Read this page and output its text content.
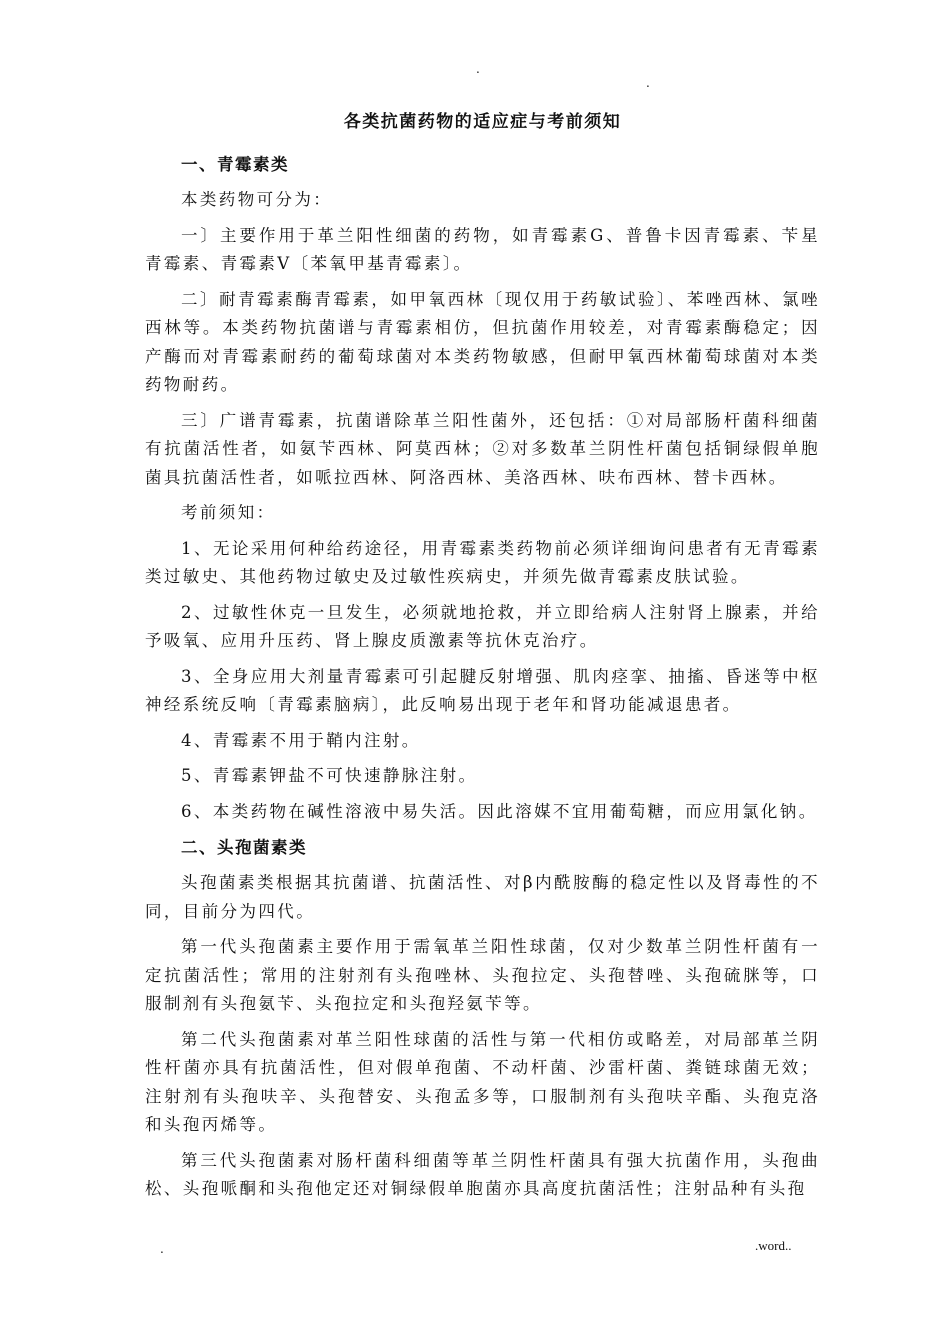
.
.
各类抗菌药物的适应症与考前须知
一、青霉素类

本类药物可分为：

一〕主要作用于革兰阳性细菌的药物，如青霉素G、普鲁卡因青霉素、苄星青霉素、青霉素V〔苯氧甲基青霉素〕。

二〕耐青霉素酶青霉素，如甲氧西林〔现仅用于药敏试验〕、苯唑西林、氯唑西林等。本类药物抗菌谱与青霉素相仿，但抗菌作用较差，对青霉素酶稳定；因产酶而对青霉素耐药的葡萄球菌对本类药物敏感，但耐甲氧西林葡萄球菌对本类药物耐药。

三〕广谱青霉素，抗菌谱除革兰阳性菌外，还包括：①对局部肠杆菌科细菌有抗菌活性者，如氨苄西林、阿莫西林；②对多数革兰阴性杆菌包括铜绿假单胞菌具抗菌活性者，如哌拉西林、阿洛西林、美洛西林、呋布西林、替卡西林。

考前须知：

1、无论采用何种给药途径，用青霉素类药物前必须详细询问患者有无青霉素类过敏史、其他药物过敏史及过敏性疾病史，并须先做青霉素皮肤试验。

2、过敏性休克一旦发生，必须就地抢救，并立即给病人注射肾上腺素，并给予吸氧、应用升压药、肾上腺皮质激素等抗休克治疗。

3、全身应用大剂量青霉素可引起腱反射增强、肌肉痉挛、抽搐、昏迷等中枢神经系统反响〔青霉素脑病〕，此反响易出现于老年和肾功能减退患者。

4、青霉素不用于鞘内注射。

5、青霉素钾盐不可快速静脉注射。

6、本类药物在碱性溶液中易失活。因此溶媒不宜用葡萄糖，而应用氯化钠。

二、头孢菌素类

头孢菌素类根据其抗菌谱、抗菌活性、对β内酰胺酶的稳定性以及肾毒性的不同，目前分为四代。

第一代头孢菌素主要作用于需氧革兰阳性球菌，仅对少数革兰阴性杆菌有一定抗菌活性；常用的注射剂有头孢唑林、头孢拉定、头孢替唑、头孢硫脒等，口服制剂有头孢氨苄、头孢拉定和头孢羟氨苄等。

第二代头孢菌素对革兰阳性球菌的活性与第一代相仿或略差，对局部革兰阴性杆菌亦具有抗菌活性，但对假单孢菌、不动杆菌、沙雷杆菌、粪链球菌无效；注射剂有头孢呋辛、头孢替安、头孢孟多等，口服制剂有头孢呋辛酯、头孢克洛和头孢丙烯等。

第三代头孢菌素对肠杆菌科细菌等革兰阴性杆菌具有强大抗菌作用，头孢曲松、头孢哌酮和头孢他定还对铜绿假单胞菌亦具高度抗菌活性；注射品种有头孢

.	.word..
